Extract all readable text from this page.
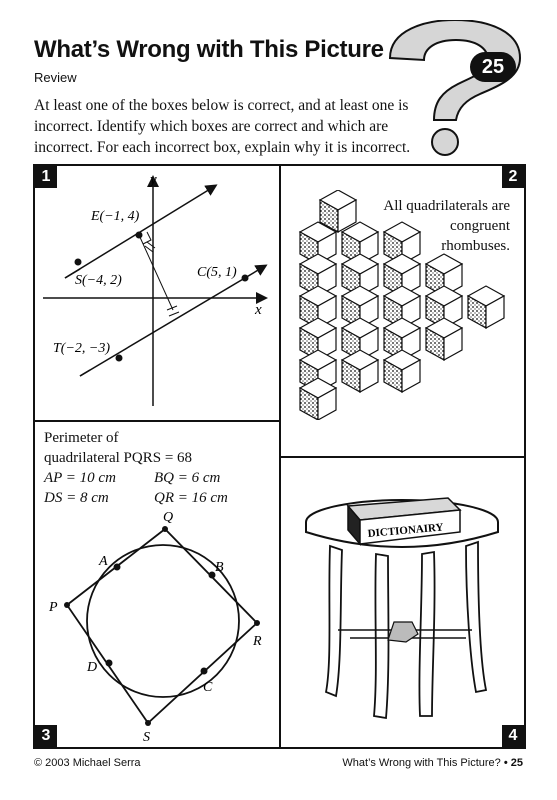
What’s Wrong with This Picture
Review	25
At least one of the boxes below is correct, and at least one is incorrect. Identify which boxes are correct and which are incorrect. For each incorrect box, explain why it is incorrect.
1	y
x
E(−1, 4)
S(−4, 2)
C(5, 1)
T(−2, −3)
2
All quadrilaterals are congruent rhombuses.
Perimeter of
quadrilateral PQRS = 68
AP = 10 cm	BQ = 6 cm
DS = 8 cm	QR = 16 cm
P
Q
R
S
A	B
C
D
3
DICTIONAIRY
4
© 2003 Michael Serra	What’s Wrong with This Picture? • 25
